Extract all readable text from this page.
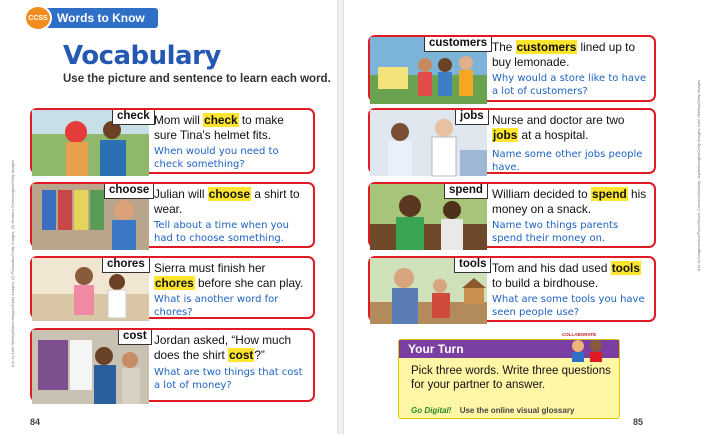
CCSS Words to Know
Vocabulary
Use the picture and sentence to learn each word.
(t to b) Ariel Skelley/Blend Images/Getty Images; (2) Photodisc/Getty Images; (3) Hemera Technologies/Getty Images
check Mom will check to make sure Tina's helmet fits.
When would you need to check something?
choose Julian will choose a shirt to wear.
Tell about a time when you had to choose something.
chores Sierra must finish her chores before she can play.
What is another word for chores?
cost Jordan asked, “How much does the shirt cost?”
What are two things that cost a lot of money?
84
(t to b) Imagesource/PunchStock; Comstock/Alamy; Jupiterimages/Getty Images; Ariel Skelley/Getty Images
customers The customers lined up to buy lemonade.
Why would a store like to have a lot of customers?
jobs Nurse and doctor are two jobs at a hospital.
Name some other jobs people have.
spend William decided to spend his money on a snack.
Name two things parents spend their money on.
tools Tom and his dad used tools to build a birdhouse.
What are some tools you have seen people use?
Your Turn
Pick three words. Write three questions for your partner to answer.
Go Digital! Use the online visual glossary
COLLABORATE
85
